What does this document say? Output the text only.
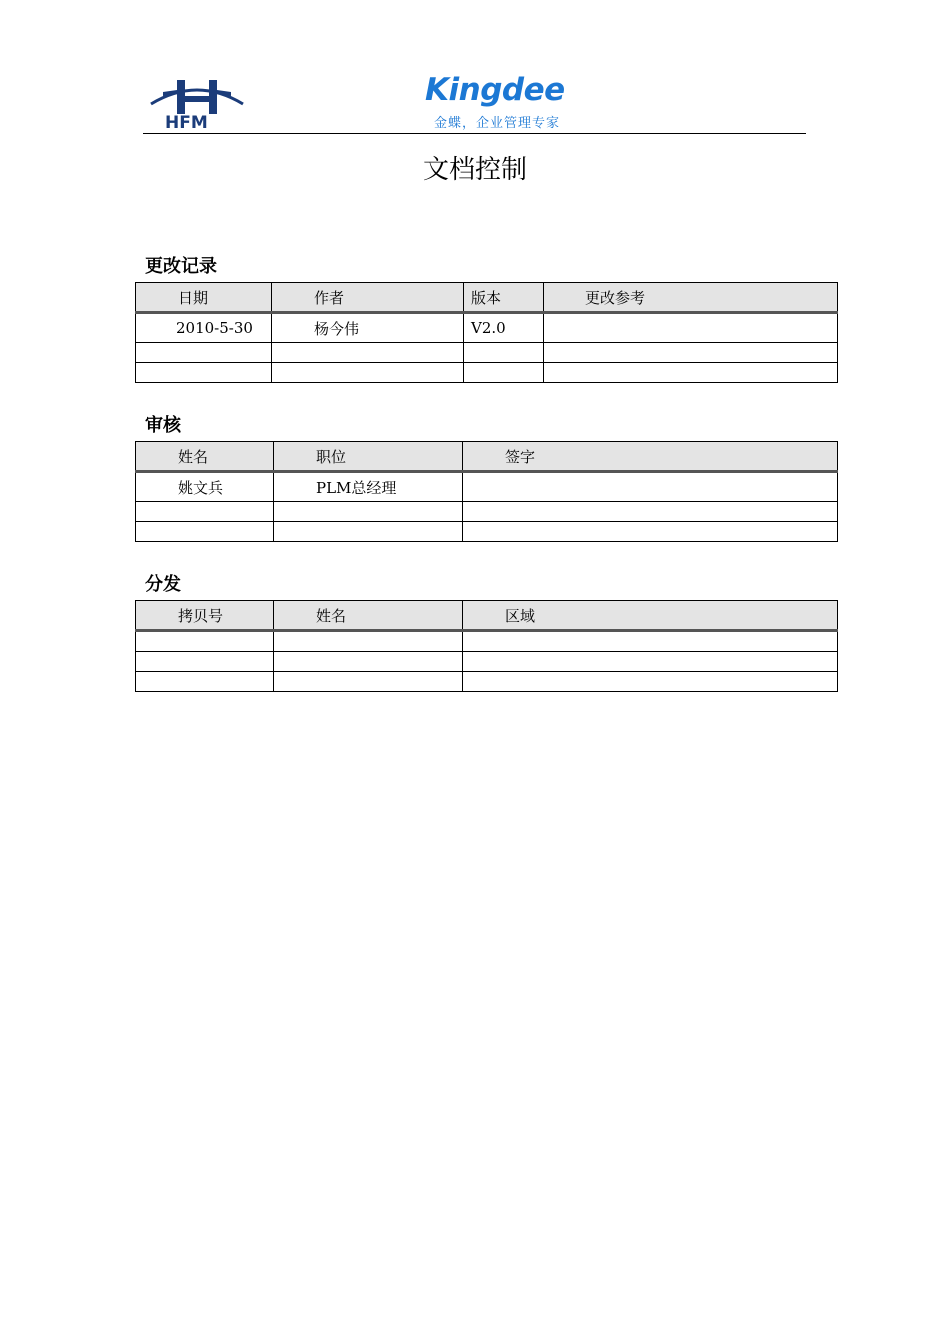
HFM
Kingdee
金蝶，企业管理专家
文档控制
更改记录
日期	作者	版本	更改参考
2010-5-30	杨今伟	V2.0	

审核
姓名	职位	签字
姚文兵	PLM总经理	

分发
拷贝号	姓名	区域
